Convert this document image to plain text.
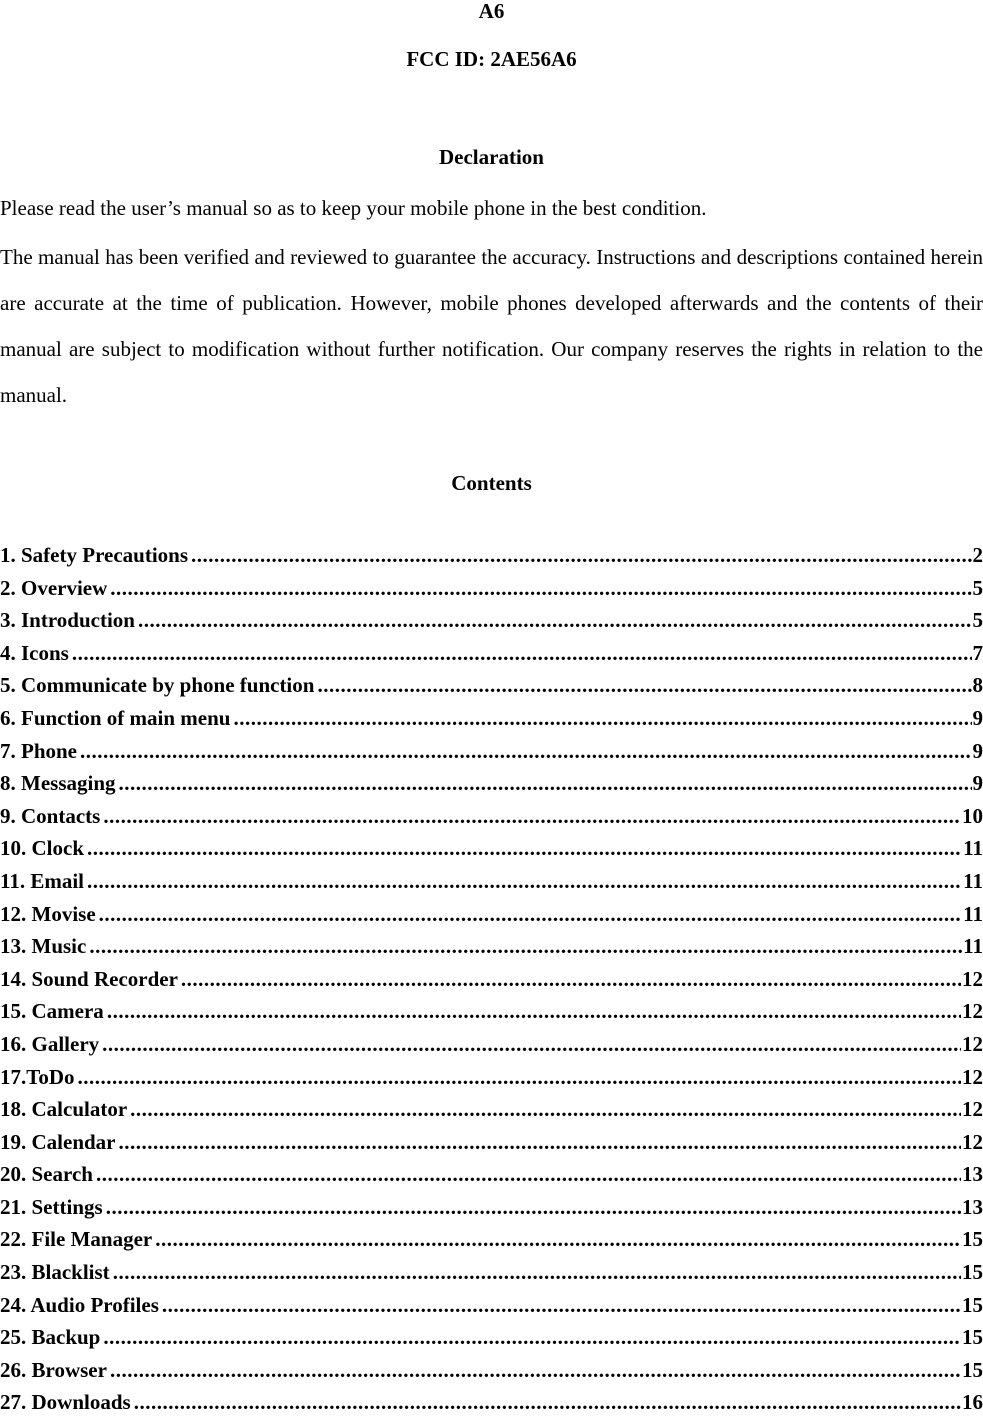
A6
FCC ID: 2AE56A6
Declaration

Please read the user’s manual so as to keep your mobile phone in the best condition.

The manual has been verified and reviewed to guarantee the accuracy. Instructions and descriptions contained herein are accurate at the time of publication. However, mobile phones developed afterwards and the contents of their manual are subject to modification without further notification. Our company reserves the rights in relation to the manual.

Contents
1. Safety Precautions .....	2
2. Overview .....	5
3. Introduction .....	5
4. Icons .....	7
5. Communicate by phone function .....	8
6. Function of main menu .....	9
7. Phone .....	9
8. Messaging .....	9
9. Contacts .....	10
10. Clock .....	11
11. Email .....	11
12. Movise .....	11
13. Music .....	11
14. Sound Recorder .....	12
15. Camera .....	12
16. Gallery .....	12
17.ToDo .....	12
18. Calculator .....	12
19. Calendar .....	12
20. Search .....	13
21. Settings .....	13
22. File Manager .....	15
23. Blacklist .....	15
24. Audio Profiles .....	15
25. Backup .....	15
26. Browser .....	15
27. Downloads .....	16
